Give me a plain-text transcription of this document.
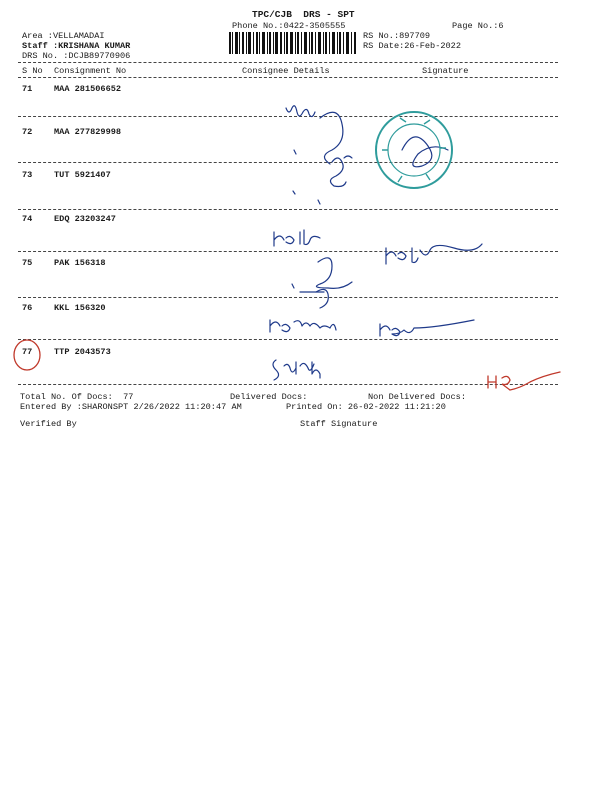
TPC/CJB  DRS - SPT
Phone No.:0422-3505555	Page No.:6
Area :VELLAMADAI
Staff :KRISHANA KUMAR
DRS No. :DCJB89770906
RS No.:897709
RS Date:26-Feb-2022
S No Consignment No	Consignee Details	Signature
71	MAA 281506652
72	MAA 277829998
73	TUT 5921407
74	EDQ 23203247
75	PAK 156318
76	KKL 156320
77	TTP 2043573
Total No. Of Docs:  77	Delivered Docs:	Non Delivered Docs:
Entered By :SHARONSPT 2/26/2022 11:20:47 AM	Printed On: 26-02-2022 11:21:20
Verified By	Staff Signature
